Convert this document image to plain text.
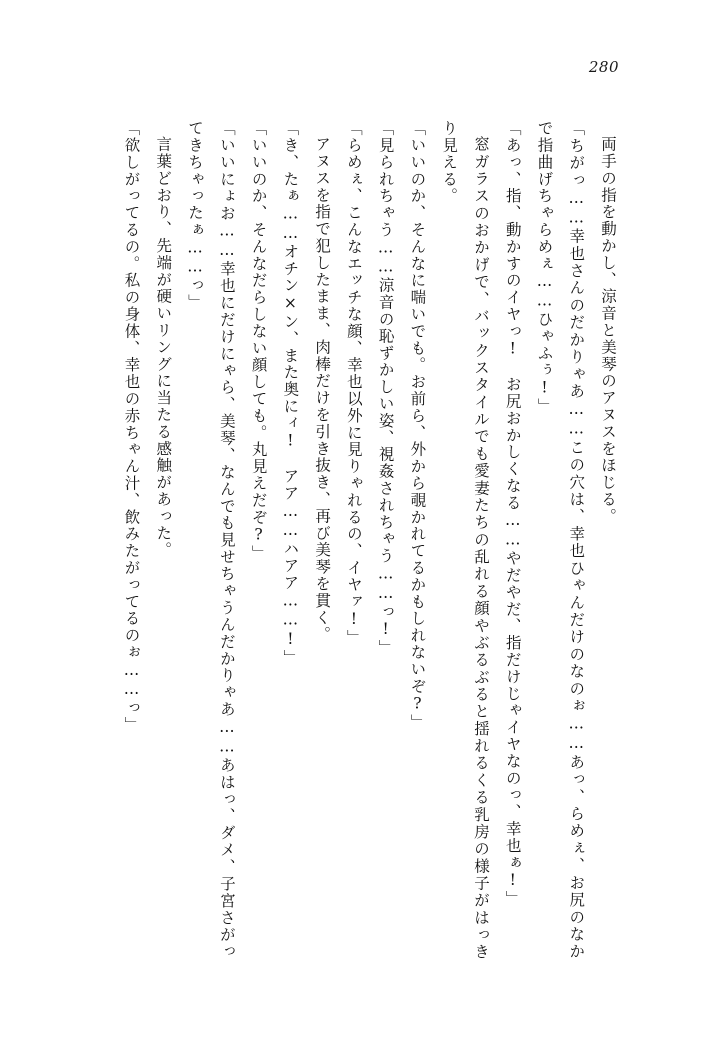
280

両手の指を動かし、涼音と美琴のアヌスをほじる。

「ちがっ……幸也さんのだかりゃあ……この穴は、幸也ひゃんだけのなのぉ……あっ、らめぇ、お尻のなかで指曲げちゃらめぇ……ひゃふぅ!」

「あっ、指、動かすのイヤっ!　お尻おかしくなる……やだやだ、指だけじゃイヤなのっ、幸也ぁ!」

窓ガラスのおかげで、バックスタイルでも愛妻たちの乱れる顔やぶるぶると揺れるくる乳房の様子がはっきり見える。

「いいのか、そんなに喘いでも。お前ら、外から覗かれてるかもしれないぞ?」

「見られちゃう……涼音の恥ずかしい姿、視姦されちゃう……っ!」

「らめぇ、こんなエッチな顔、幸也以外に見りゃれるの、イヤァ!」

アヌスを指で犯したまま、肉棒だけを引き抜き、再び美琴を貫く。

「き、たぁ……オチン×ン、また奥にィ!　アア……ハアア……!」

「いいのか、そんなだらしない顔しても。丸見えだぞ?」

「いいにょお……幸也にだけにゃら、美琴、なんでも見せちゃうんだかりゃあ……あはっ、ダメ、子宮さがってきちゃったぁ……っ」

言葉どおり、先端が硬いリングに当たる感触があった。

「欲しがってるの。私の身体、幸也の赤ちゃん汁、飲みたがってるのぉ……っ」
